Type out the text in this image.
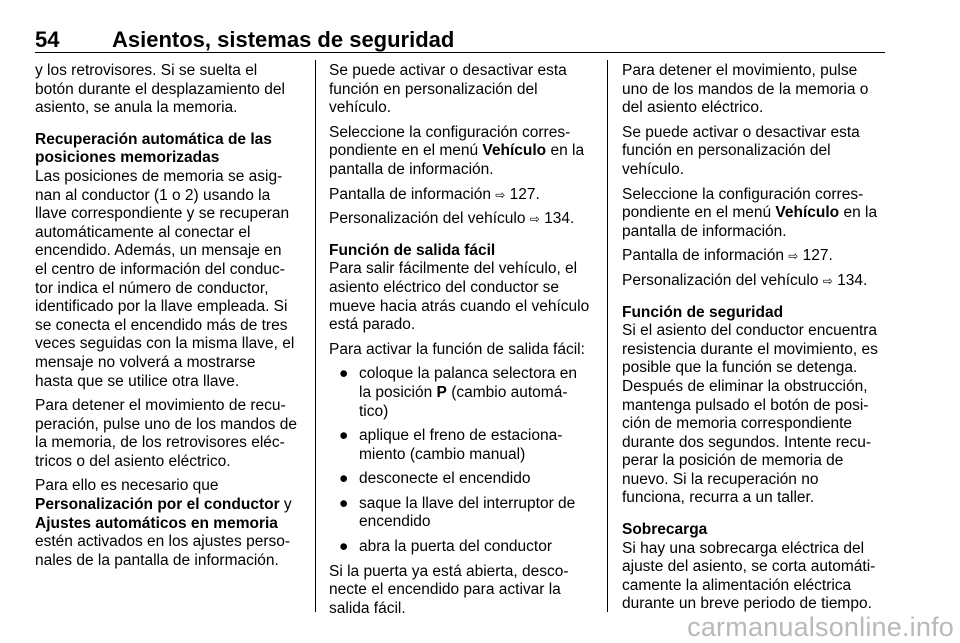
54 Asientos, sistemas de seguridad
y los retrovisores. Si se suelta el
botón durante el desplazamiento del
asiento, se anula la memoria.
Recuperación automática de las
posiciones memorizadas
Las posiciones de memoria se asig-
nan al conductor (1 o 2) usando la
llave correspondiente y se recuperan
automáticamente al conectar el
encendido. Además, un mensaje en
el centro de información del conduc-
tor indica el número de conductor,
identificado por la llave empleada. Si
se conecta el encendido más de tres
veces seguidas con la misma llave, el
mensaje no volverá a mostrarse
hasta que se utilice otra llave.
Para detener el movimiento de recu-
peración, pulse uno de los mandos de
la memoria, de los retrovisores eléc-
tricos o del asiento eléctrico.
Para ello es necesario que
Personalización por el conductor y
Ajustes automáticos en memoria
estén activados en los ajustes perso-
nales de la pantalla de información.
Se puede activar o desactivar esta
función en personalización del
vehículo.
Seleccione la configuración corres-
pondiente en el menú Vehículo en la
pantalla de información.
Pantalla de información ⇨ 127.
Personalización del vehículo ⇨ 134.
Función de salida fácil
Para salir fácilmente del vehículo, el
asiento eléctrico del conductor se
mueve hacia atrás cuando el vehículo
está parado.
Para activar la función de salida fácil:
● coloque la palanca selectora en
la posición P (cambio automá-
tico)
● aplique el freno de estaciona-
miento (cambio manual)
● desconecte el encendido
● saque la llave del interruptor de
encendido
● abra la puerta del conductor
Si la puerta ya está abierta, desco-
necte el encendido para activar la
salida fácil.
Para detener el movimiento, pulse
uno de los mandos de la memoria o
del asiento eléctrico.
Se puede activar o desactivar esta
función en personalización del
vehículo.
Seleccione la configuración corres-
pondiente en el menú Vehículo en la
pantalla de información.
Pantalla de información ⇨ 127.
Personalización del vehículo ⇨ 134.
Función de seguridad
Si el asiento del conductor encuentra
resistencia durante el movimiento, es
posible que la función se detenga.
Después de eliminar la obstrucción,
mantenga pulsado el botón de posi-
ción de memoria correspondiente
durante dos segundos. Intente recu-
perar la posición de memoria de
nuevo. Si la recuperación no
funciona, recurra a un taller.
Sobrecarga
Si hay una sobrecarga eléctrica del
ajuste del asiento, se corta automáti-
camente la alimentación eléctrica
durante un breve periodo de tiempo.
carmanualsonline.info
